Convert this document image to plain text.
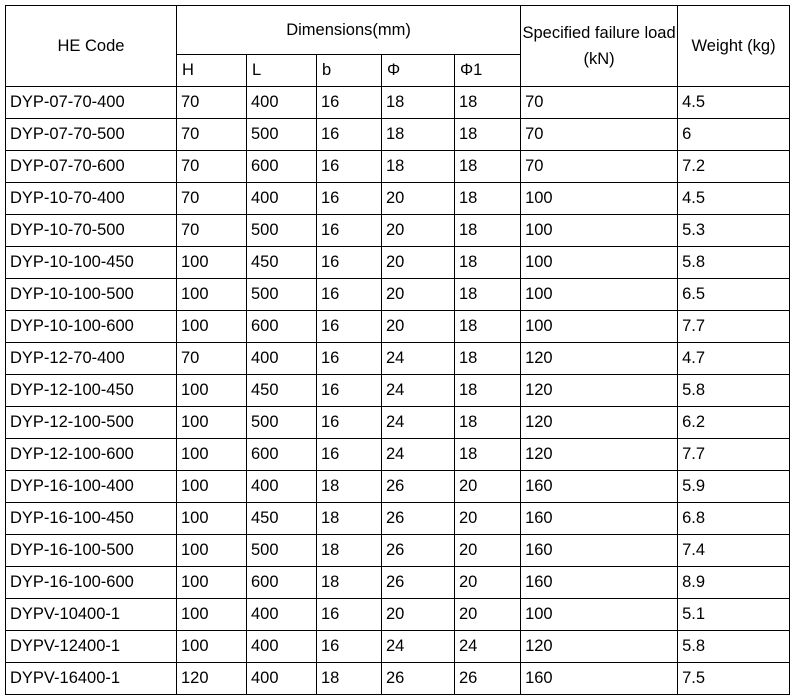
HE Code	Dimensions(mm)					Specified failure load (kN)	Weight (kg)
	H	L	b	Φ	Φ1		
DYP-07-70-400	70	400	16	18	18	70	4.5
DYP-07-70-500	70	500	16	18	18	70	6
DYP-07-70-600	70	600	16	18	18	70	7.2
DYP-10-70-400	70	400	16	20	18	100	4.5
DYP-10-70-500	70	500	16	20	18	100	5.3
DYP-10-100-450	100	450	16	20	18	100	5.8
DYP-10-100-500	100	500	16	20	18	100	6.5
DYP-10-100-600	100	600	16	20	18	100	7.7
DYP-12-70-400	70	400	16	24	18	120	4.7
DYP-12-100-450	100	450	16	24	18	120	5.8
DYP-12-100-500	100	500	16	24	18	120	6.2
DYP-12-100-600	100	600	16	24	18	120	7.7
DYP-16-100-400	100	400	18	26	20	160	5.9
DYP-16-100-450	100	450	18	26	20	160	6.8
DYP-16-100-500	100	500	18	26	20	160	7.4
DYP-16-100-600	100	600	18	26	20	160	8.9
DYPV-10400-1	100	400	16	20	20	100	5.1
DYPV-12400-1	100	400	16	24	24	120	5.8
DYPV-16400-1	120	400	18	26	26	160	7.5
